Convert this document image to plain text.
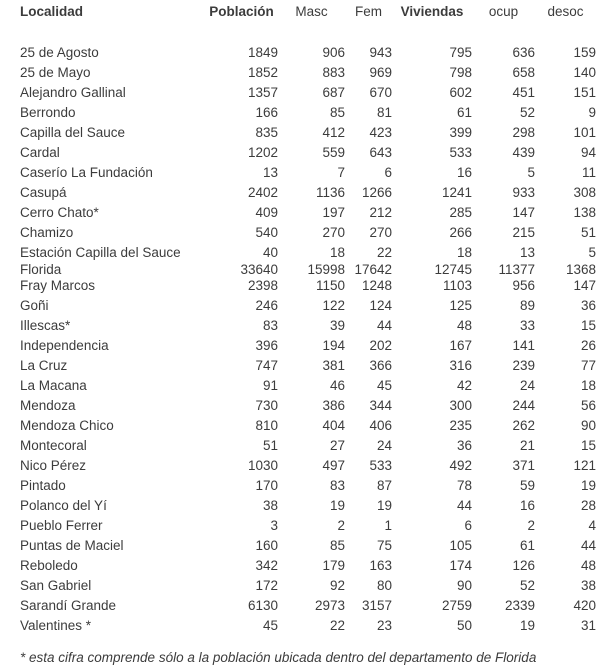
Localidad	Población	Masc	Fem	Viviendas	ocup	desoc
25 de Agosto	1849	906	943	795	636	159
25 de Mayo	1852	883	969	798	658	140
Alejandro Gallinal	1357	687	670	602	451	151
Berrondo	166	85	81	61	52	9
Capilla del Sauce	835	412	423	399	298	101
Cardal	1202	559	643	533	439	94
Caserío La Fundación	13	7	6	16	5	11
Casupá	2402	1136	1266	1241	933	308
Cerro Chato*	409	197	212	285	147	138
Chamizo	540	270	270	266	215	51
Estación Capilla del Sauce	40	18	22	18	13	5
Florida	33640	15998	17642	12745	11377	1368
Fray Marcos	2398	1150	1248	1103	956	147
Goñi	246	122	124	125	89	36
Illescas*	83	39	44	48	33	15
Independencia	396	194	202	167	141	26
La Cruz	747	381	366	316	239	77
La Macana	91	46	45	42	24	18
Mendoza	730	386	344	300	244	56
Mendoza Chico	810	404	406	235	262	90
Montecoral	51	27	24	36	21	15
Nico Pérez	1030	497	533	492	371	121
Pintado	170	83	87	78	59	19
Polanco del Yí	38	19	19	44	16	28
Pueblo Ferrer	3	2	1	6	2	4
Puntas de Maciel	160	85	75	105	61	44
Reboledo	342	179	163	174	126	48
San Gabriel	172	92	80	90	52	38
Sarandí Grande	6130	2973	3157	2759	2339	420
Valentines *	45	22	23	50	19	31
* esta cifra comprende sólo a la población ubicada dentro del departamento de Florida
